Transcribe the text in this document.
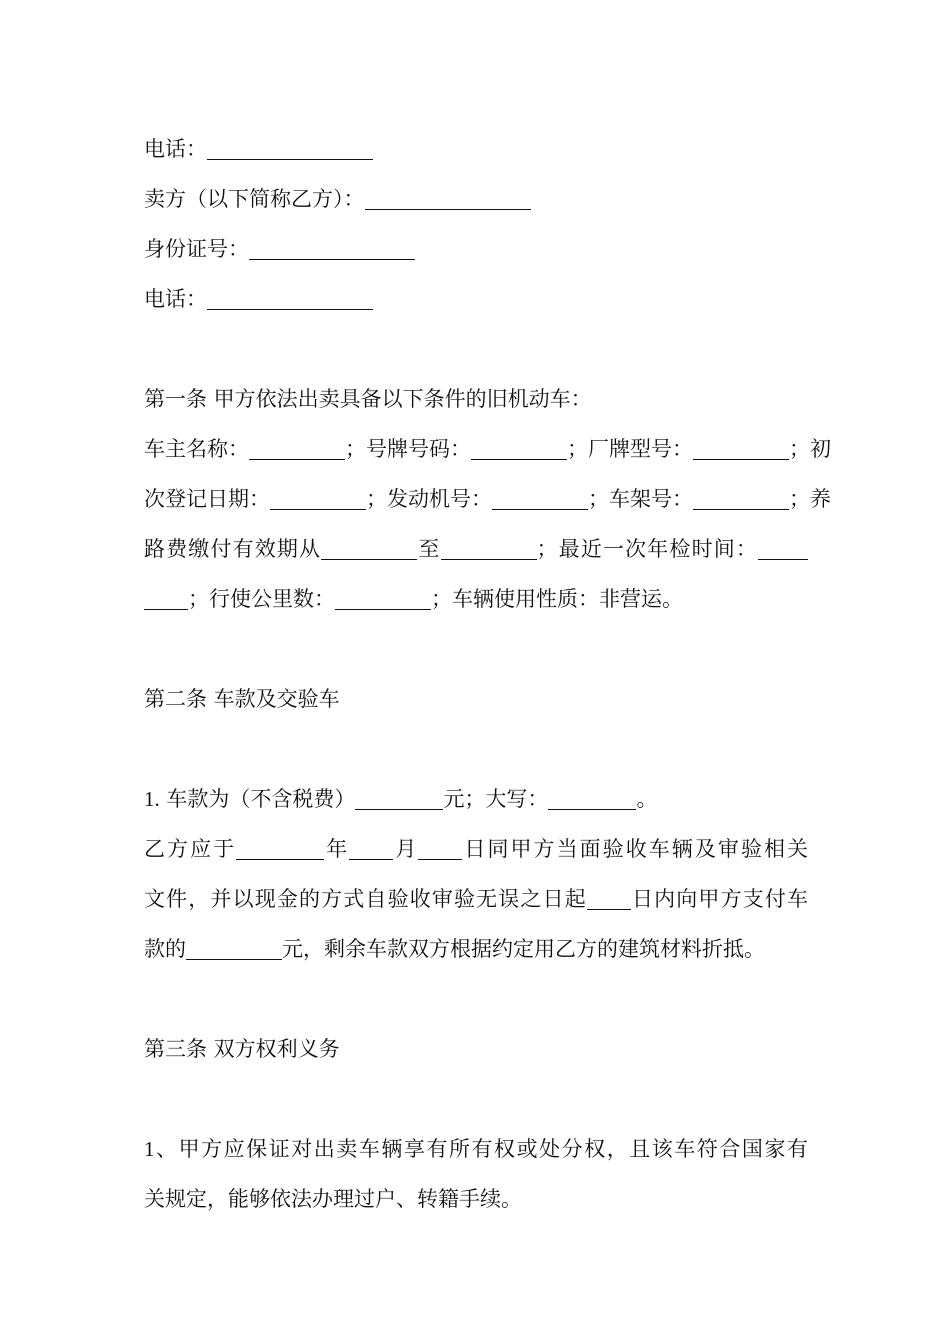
电话：
卖方（以下简称乙方）：
身份证号：
电话：
第一条 甲方依法出卖具备以下条件的旧机动车：
车主名称：	；号牌号码：	；厂牌型号：	；初
次登记日期：	；发动机号：	；车架号：	；养
路费缴付有效期从	至	；最近一次年检时间：
；行使公里数：	；车辆使用性质：非营运。
第二条 车款及交验车
1. 车款为（不含税费）	元；大写：	。
乙方应于	年 月 日同甲方当面验收车辆及审验相关
文件，并以现金的方式自验收审验无误之日起 日内向甲方支付车
款的	元，剩余车款双方根据约定用乙方的建筑材料折抵。
第三条 双方权利义务
1、甲方应保证对出卖车辆享有所有权或处分权，且该车符合国家有
关规定，能够依法办理过户、转籍手续。
